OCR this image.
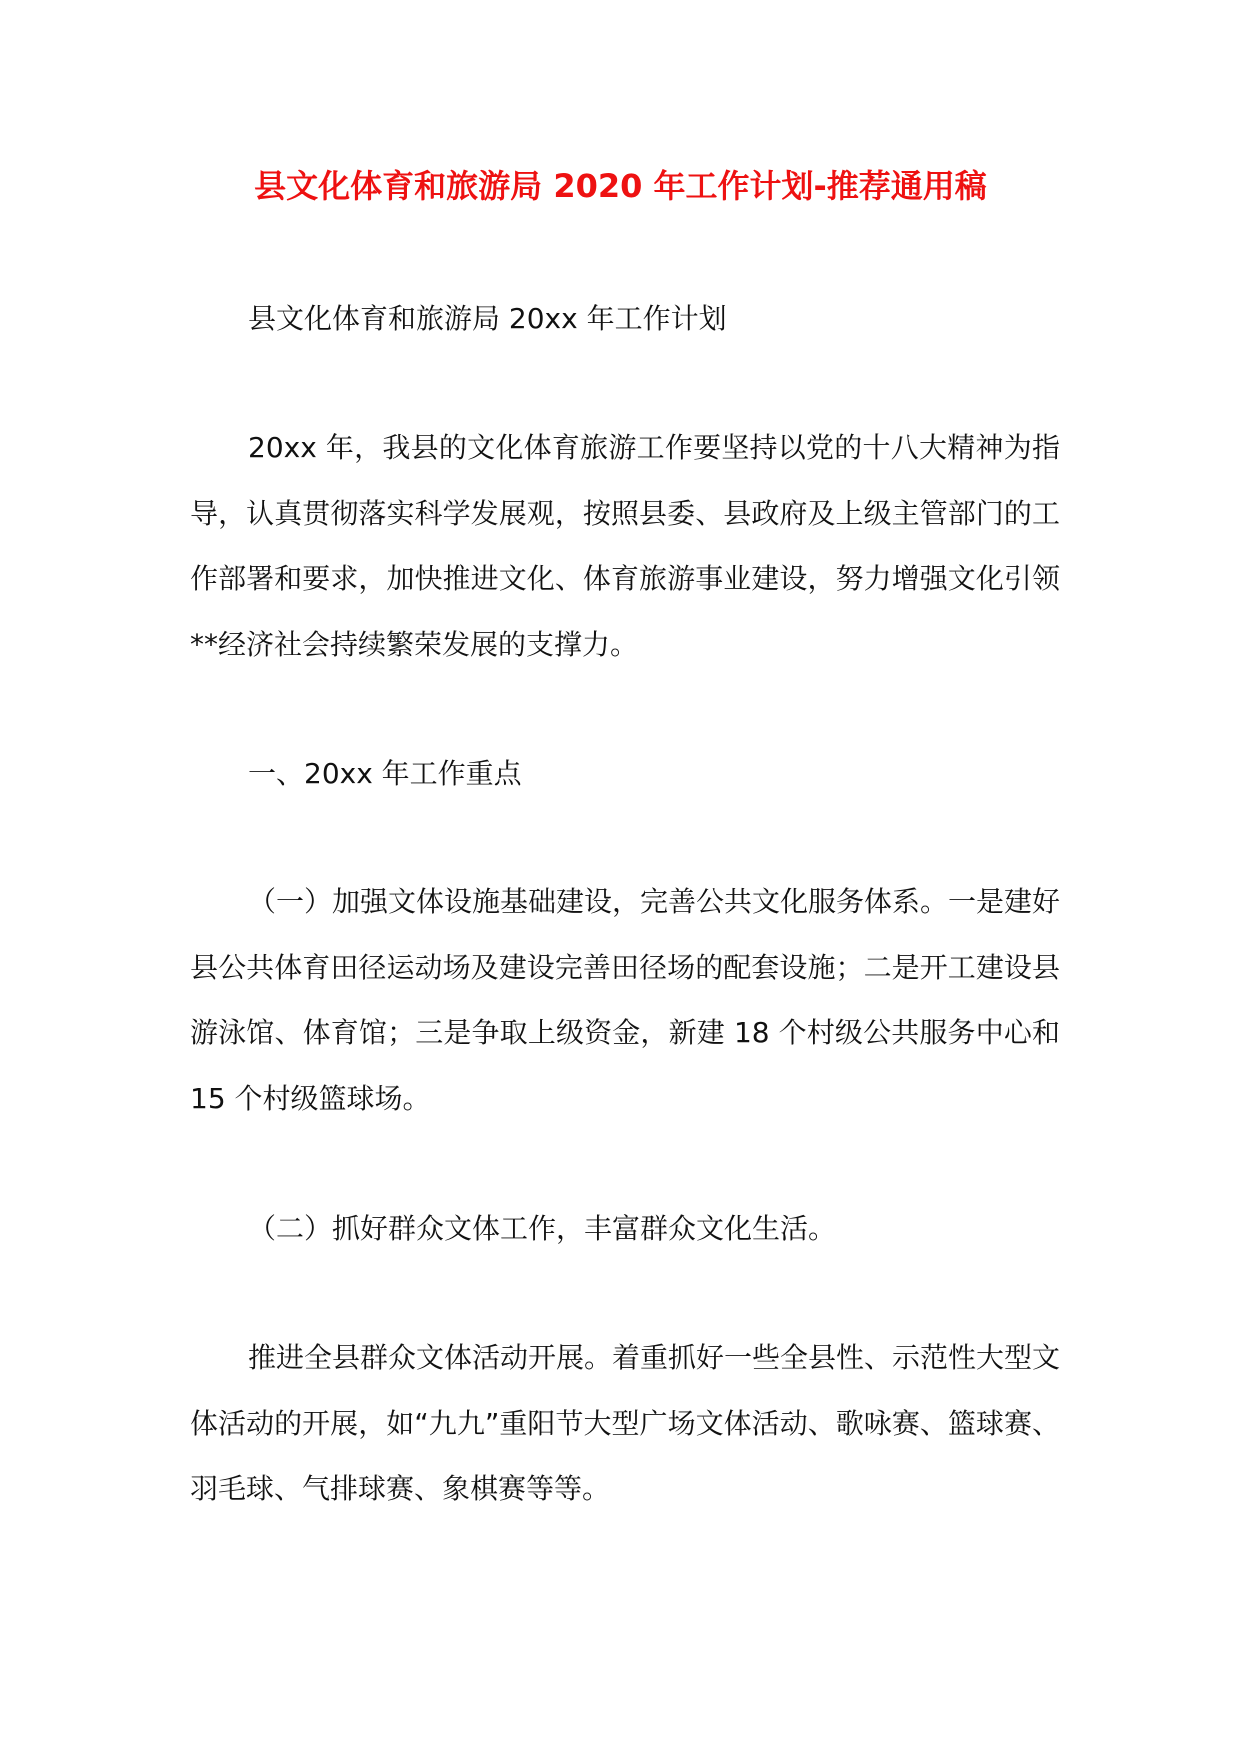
县文化体育和旅游局 2020 年工作计划-推荐通用稿

县文化体育和旅游局 20xx 年工作计划

20xx 年，我县的文化体育旅游工作要坚持以党的十八大精神为指导，认真贯彻落实科学发展观，按照县委、县政府及上级主管部门的工作部署和要求，加快推进文化、体育旅游事业建设，努力增强文化引领**经济社会持续繁荣发展的支撑力。

一、20xx 年工作重点

（一）加强文体设施基础建设，完善公共文化服务体系。一是建好县公共体育田径运动场及建设完善田径场的配套设施；二是开工建设县游泳馆、体育馆；三是争取上级资金，新建 18 个村级公共服务中心和 15 个村级篮球场。

（二）抓好群众文体工作，丰富群众文化生活。

推进全县群众文体活动开展。着重抓好一些全县性、示范性大型文体活动的开展，如“九九”重阳节大型广场文体活动、歌咏赛、篮球赛、羽毛球、气排球赛、象棋赛等等。
